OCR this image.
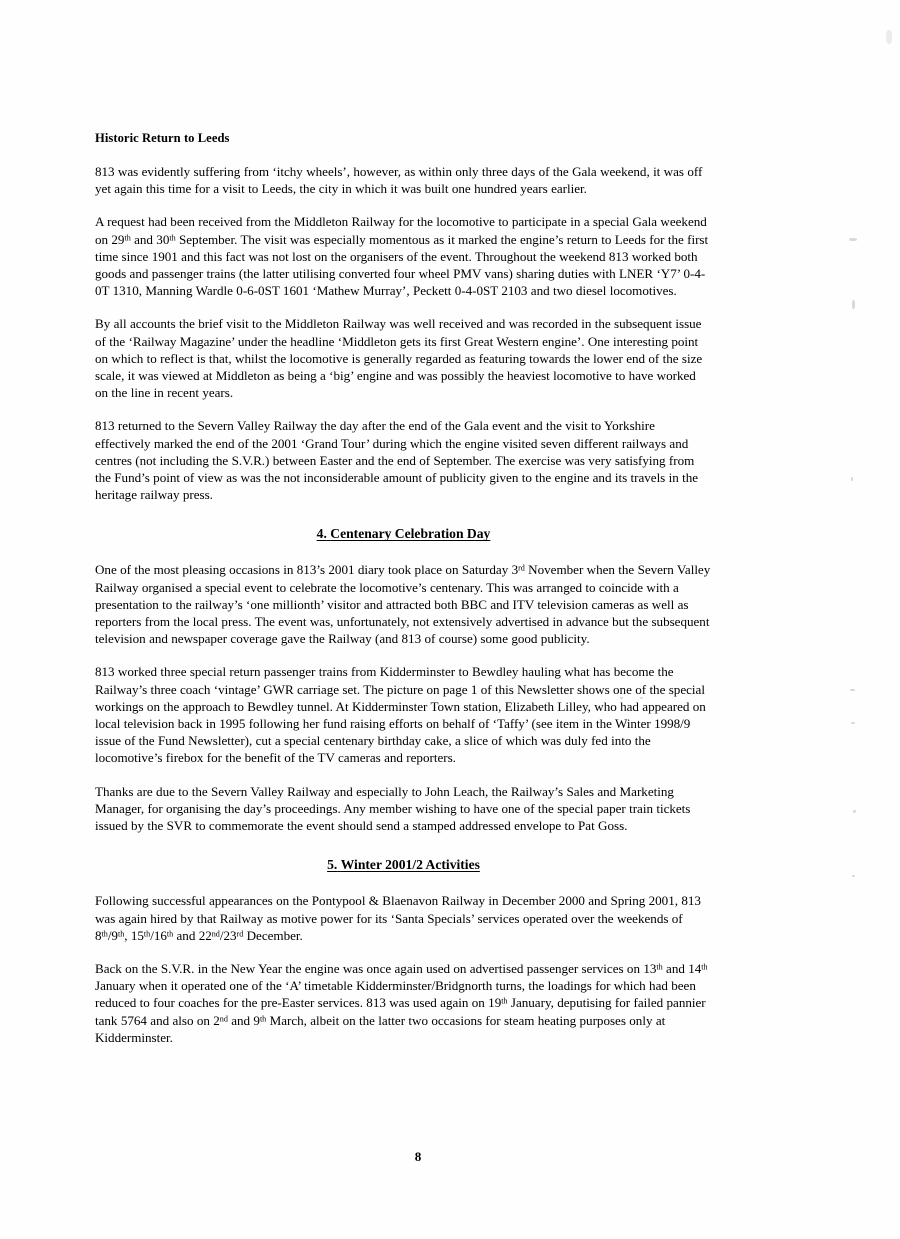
Historic Return to Leeds

813 was evidently suffering from ‘itchy wheels’, however, as within only three days of the Gala weekend, it was off yet again this time for a visit to Leeds, the city in which it was built one hundred years earlier.

A request had been received from the Middleton Railway for the locomotive to participate in a special Gala weekend on 29th and 30th September. The visit was especially momentous as it marked the engine’s return to Leeds for the first time since 1901 and this fact was not lost on the organisers of the event. Throughout the weekend 813 worked both goods and passenger trains (the latter utilising converted four wheel PMV vans) sharing duties with LNER ‘Y7’ 0-4-0T 1310, Manning Wardle 0-6-0ST 1601 ‘Mathew Murray’, Peckett 0-4-0ST 2103 and two diesel locomotives.

By all accounts the brief visit to the Middleton Railway was well received and was recorded in the subsequent issue of the ‘Railway Magazine’ under the headline ‘Middleton gets its first Great Western engine’. One interesting point on which to reflect is that, whilst the locomotive is generally regarded as featuring towards the lower end of the size scale, it was viewed at Middleton as being a ‘big’ engine and was possibly the heaviest locomotive to have worked on the line in recent years.

813 returned to the Severn Valley Railway the day after the end of the Gala event and the visit to Yorkshire effectively marked the end of the 2001 ‘Grand Tour’ during which the engine visited seven different railways and centres (not including the S.V.R.) between Easter and the end of September. The exercise was very satisfying from the Fund’s point of view as was the not inconsiderable amount of publicity given to the engine and its travels in the heritage railway press.

4. Centenary Celebration Day

One of the most pleasing occasions in 813’s 2001 diary took place on Saturday 3rd November when the Severn Valley Railway organised a special event to celebrate the locomotive’s centenary. This was arranged to coincide with a presentation to the railway’s ‘one millionth’ visitor and attracted both BBC and ITV television cameras as well as reporters from the local press. The event was, unfortunately, not extensively advertised in advance but the subsequent television and newspaper coverage gave the Railway (and 813 of course) some good publicity.

813 worked three special return passenger trains from Kidderminster to Bewdley hauling what has become the Railway’s three coach ‘vintage’ GWR carriage set. The picture on page 1 of this Newsletter shows one of the special workings on the approach to Bewdley tunnel. At Kidderminster Town station, Elizabeth Lilley, who had appeared on local television back in 1995 following her fund raising efforts on behalf of ‘Taffy’ (see item in the Winter 1998/9 issue of the Fund Newsletter), cut a special centenary birthday cake, a slice of which was duly fed into the locomotive’s firebox for the benefit of the TV cameras and reporters.

Thanks are due to the Severn Valley Railway and especially to John Leach, the Railway’s Sales and Marketing Manager, for organising the day’s proceedings. Any member wishing to have one of the special paper train tickets issued by the SVR to commemorate the event should send a stamped addressed envelope to Pat Goss.

5. Winter 2001/2 Activities

Following successful appearances on the Pontypool & Blaenavon Railway in December 2000 and Spring 2001, 813 was again hired by that Railway as motive power for its ‘Santa Specials’ services operated over the weekends of 8th/9th, 15th/16th and 22nd/23rd December.

Back on the S.V.R. in the New Year the engine was once again used on advertised passenger services on 13th and 14th January when it operated one of the ‘A’ timetable Kidderminster/Bridgnorth turns, the loadings for which had been reduced to four coaches for the pre-Easter services. 813 was used again on 19th January, deputising for failed pannier tank 5764 and also on 2nd and 9th March, albeit on the latter two occasions for steam heating purposes only at Kidderminster.

8
